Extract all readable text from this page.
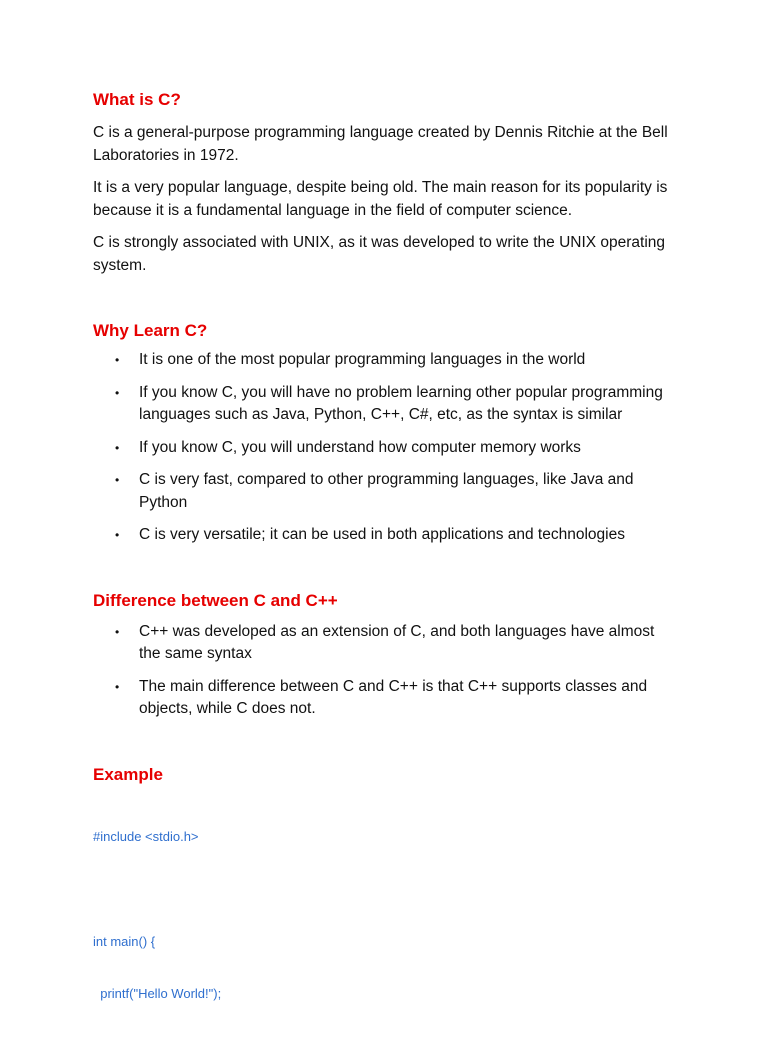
What is C?

C is a general-purpose programming language created by Dennis Ritchie at the Bell Laboratories in 1972.

It is a very popular language, despite being old. The main reason for its popularity is because it is a fundamental language in the field of computer science.

C is strongly associated with UNIX, as it was developed to write the UNIX operating system.

Why Learn C?
• It is one of the most popular programming languages in the world
• If you know C, you will have no problem learning other popular programming languages such as Java, Python, C++, C#, etc, as the syntax is similar
• If you know C, you will understand how computer memory works
• C is very fast, compared to other programming languages, like Java and Python
• C is very versatile; it can be used in both applications and technologies
Difference between C and C++
• C++ was developed as an extension of C, and both languages have almost the same syntax
• The main difference between C and C++ is that C++ supports classes and objects, while C does not.
Example

#include <stdio.h>

int main() {

printf("Hello World!");
